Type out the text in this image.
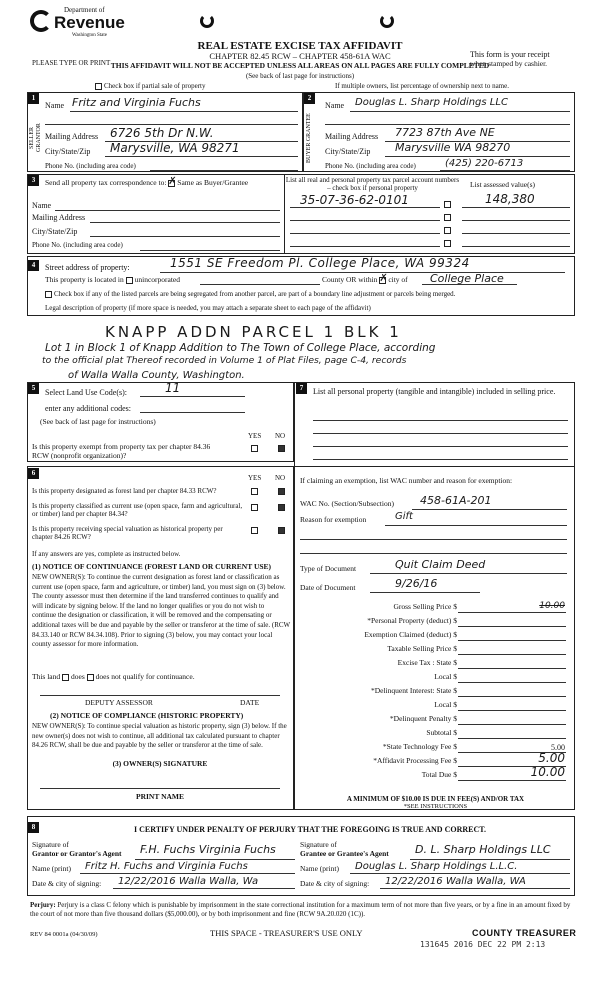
Department of
Revenue
Washington State
PLEASE TYPE OR PRINT
REAL ESTATE EXCISE TAX AFFIDAVIT
CHAPTER 82.45 RCW – CHAPTER 458-61A WAC
THIS AFFIDAVIT WILL NOT BE ACCEPTED UNLESS ALL AREAS ON ALL PAGES ARE FULLY COMPLETED
(See back of last page for instructions)
This form is your receipt
when stamped by cashier.
Check box if partial sale of property	If multiple owners, list percentage of ownership next to name.
1
SELLER GRANTOR
Name Fritz and Virginia Fuchs
Mailing Address 6726 5th Dr N.W.
City/State/Zip Marysville, WA 98271
Phone No. (including area code)
2
BUYER GRANTEE
Name Douglas L. Sharp Holdings LLC
Mailing Address 7723 87th Ave NE
City/State/Zip Marysville WA 98270
Phone No. (including area code)	(425) 220-6713
3	Send all property tax correspondence to: ✗ Same as Buyer/Grantee	List all real and personal property tax parcel account numbers – check box if personal property	List assessed value(s)
Name
Mailing Address
City/State/Zip
Phone No. (including area code)
35-07-36-62-0101	148,380
4	Street address of property:	1551 SE Freedom Pl. College Place, WA 99324
This property is located in unincorporated	County OR within ✗ city of College Place
Check box if any of the listed parcels are being segregated from another parcel, are part of a boundary line adjustment or parcels being merged.
Legal description of property (if more space is needed, you may attach a separate sheet to each page of the affidavit)
KNAPP ADDN PARCEL 1 BLK 1
Lot 1 in Block 1 of Knapp Addition to The Town of College Place, according
to the official plat Thereof recorded in Volume 1 of Plat Files, page C-4, records
of Walla Walla County, Washington.
5	Select Land Use Code(s):	11
enter any additional codes:
(See back of last page for instructions)
YES NO
Is this property exempt from property tax per chapter 84.36 RCW (nonprofit organization)?
6
YES NO
Is this property designated as forest land per chapter 84.33 RCW?
Is this property classified as current use (open space, farm and agricultural, or timber) land per chapter 84.34?
Is this property receiving special valuation as historical property per chapter 84.26 RCW?
If any answers are yes, complete as instructed below.
(1) NOTICE OF CONTINUANCE (FOREST LAND OR CURRENT USE)
NEW OWNER(S): To continue the current designation as forest land or classification as current use (open space, farm and agriculture, or timber) land, you must sign on (3) below. The county assessor must then determine if the land transferred continues to qualify and will indicate by signing below. If the land no longer qualifies or you do not wish to continue the designation or classification, it will be removed and the compensating or additional taxes will be due and payable by the seller or transferor at the time of sale. (RCW 84.33.140 or RCW 84.34.108). Prior to signing (3) below, you may contact your local county assessor for more information.
This land does does not qualify for continuance.
DEPUTY ASSESSOR	DATE
(2) NOTICE OF COMPLIANCE (HISTORIC PROPERTY)
NEW OWNER(S): To continue special valuation as historic property, sign (3) below. If the new owner(s) does not wish to continue, all additional tax calculated pursuant to chapter 84.26 RCW, shall be due and payable by the seller or transferor at the time of sale.
(3) OWNER(S) SIGNATURE
PRINT NAME
7	List all personal property (tangible and intangible) included in selling price.
If claiming an exemption, list WAC number and reason for exemption:
WAC No. (Section/Subsection) 458-61A-201
Reason for exemption	Gift
Type of Document	Quit Claim Deed
Date of Document	9/26/16
Gross Selling Price $	10.00
*Personal Property (deduct) $
Exemption Claimed (deduct) $
Taxable Selling Price $
Excise Tax : State $
Local $
*Delinquent Interest: State $
Local $
*Delinquent Penalty $
Subtotal $
*State Technology Fee $	5.00
*Affidavit Processing Fee $	5.00
Total Due $	10.00
A MINIMUM OF $10.00 IS DUE IN FEE(S) AND/OR TAX
*SEE INSTRUCTIONS
8	I CERTIFY UNDER PENALTY OF PERJURY THAT THE FOREGOING IS TRUE AND CORRECT.
Signature of
Grantor or Grantor's Agent F.H. Fuchs Virginia Fuchs
Name (print) Fritz H. Fuchs and Virginia Fuchs
Date & city of signing: 12/22/2016 Walla Walla, Wa
Signature of
Grantee or Grantee's Agent D. L. Sharp Holdings LLC
Name (print) Douglas L. Sharp Holdings L.L.C.
Date & city of signing: 12/22/2016 Walla Walla, WA
Perjury: Perjury is a class C felony which is punishable by imprisonment in the state correctional institution for a maximum term of not more than five years, or by a fine in an amount fixed by the court of not more than five thousand dollars ($5,000.00), or by both imprisonment and fine (RCW 9A.20.020 (1C)).
REV 84 0001a (04/30/09)	THIS SPACE - TREASURER'S USE ONLY	COUNTY TREASURER
131645 2016 DEC 22 PM 2:13
